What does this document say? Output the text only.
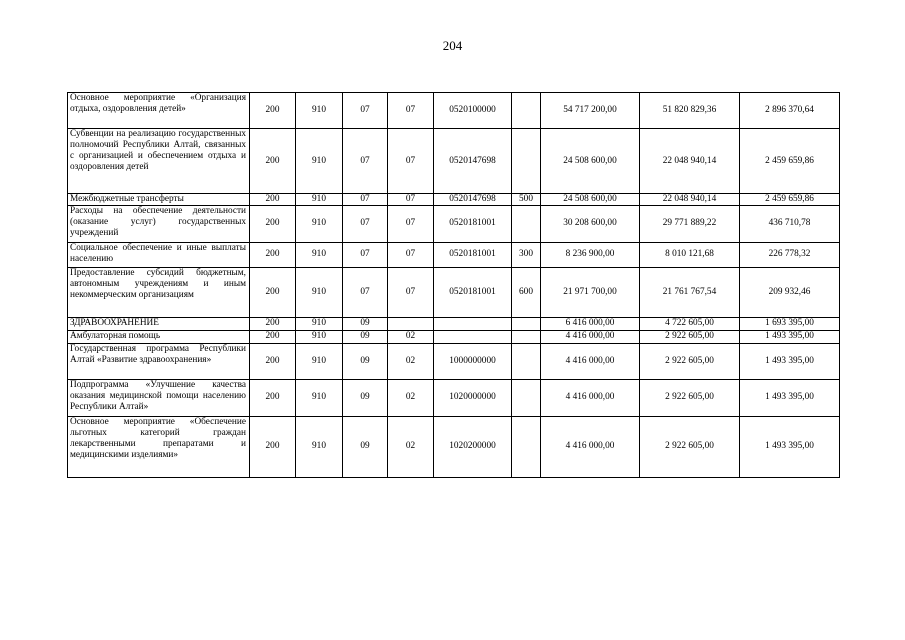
204
Основное мероприятие «Организация отдыха, оздоровления детей»	200	910	07	07	0520100000		54 717 200,00	51 820 829,36	2 896 370,64
Субвенции на реализацию государственных полномочий Республики Алтай, связанных с организацией и обеспечением отдыха и оздоровления детей	200	910	07	07	0520147698		24 508 600,00	22 048 940,14	2 459 659,86
Межбюджетные трансферты	200	910	07	07	0520147698	500	24 508 600,00	22 048 940,14	2 459 659,86
Расходы на обеспечение деятельности (оказание услуг) государственных учреждений	200	910	07	07	0520181001		30 208 600,00	29 771 889,22	436 710,78
Социальное обеспечение и иные выплаты населению	200	910	07	07	0520181001	300	8 236 900,00	8 010 121,68	226 778,32
Предоставление субсидий бюджетным, автономным учреждениям и иным некоммерческим организациям	200	910	07	07	0520181001	600	21 971 700,00	21 761 767,54	209 932,46
ЗДРАВООХРАНЕНИЕ	200	910	09				6 416 000,00	4 722 605,00	1 693 395,00
Амбулаторная помощь	200	910	09	02			4 416 000,00	2 922 605,00	1 493 395,00
Государственная программа Республики Алтай «Развитие здравоохранения»	200	910	09	02	1000000000		4 416 000,00	2 922 605,00	1 493 395,00
Подпрограмма «Улучшение качества оказания медицинской помощи населению Республики Алтай»	200	910	09	02	1020000000		4 416 000,00	2 922 605,00	1 493 395,00
Основное мероприятие «Обеспечение льготных категорий граждан лекарственными препаратами и медицинскими изделиями»	200	910	09	02	1020200000		4 416 000,00	2 922 605,00	1 493 395,00
